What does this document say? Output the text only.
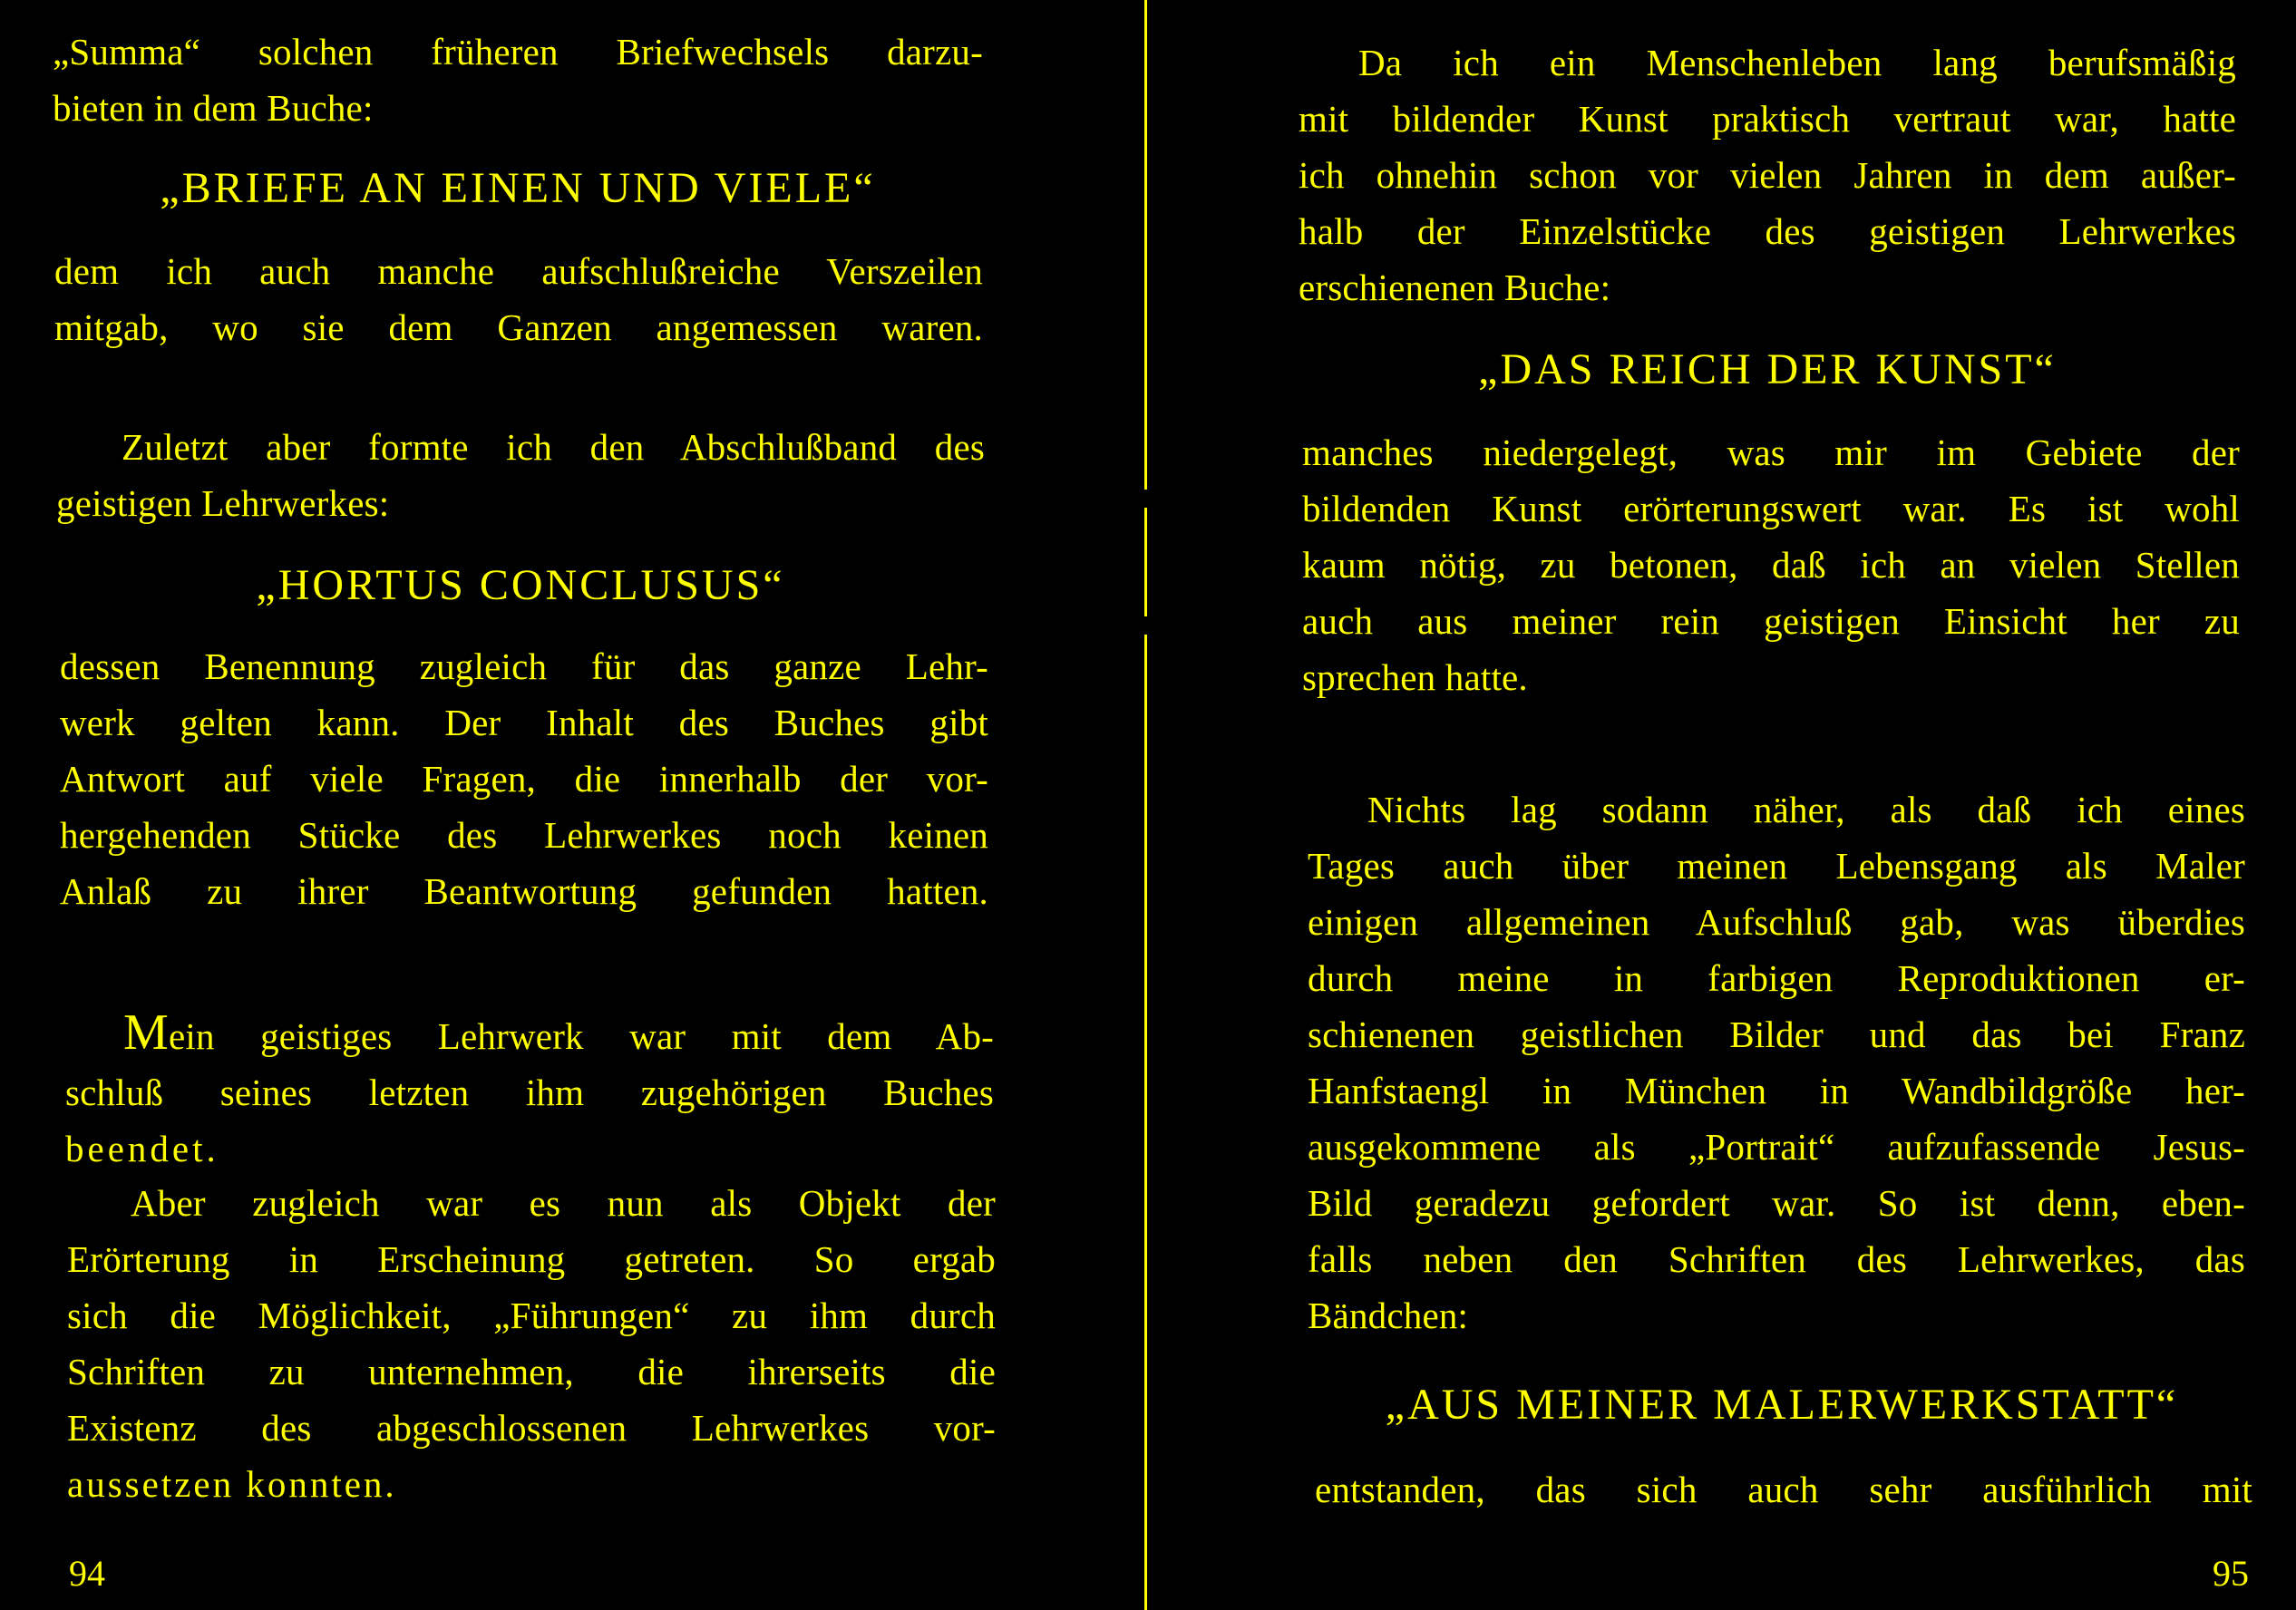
„Summa“ solchen früheren Briefwechsels darzu-
bieten in dem Buche:
„BRIEFE AN EINEN UND VIELE“
dem ich auch manche aufschlußreiche Verszeilen
mitgab, wo sie dem Ganzen angemessen waren.
Zuletzt aber formte ich den Abschlußband des
geistigen Lehrwerkes:
„HORTUS CONCLUSUS“
dessen Benennung zugleich für das ganze Lehr-
werk gelten kann. Der Inhalt des Buches gibt
Antwort auf viele Fragen, die innerhalb der vor-
hergehenden Stücke des Lehrwerkes noch keinen
Anlaß zu ihrer Beantwortung gefunden hatten.
Mein geistiges Lehrwerk war mit dem Ab-
schluß seines letzten ihm zugehörigen Buches
beendet.
Aber zugleich war es nun als Objekt der
Erörterung in Erscheinung getreten. So ergab
sich die Möglichkeit, „Führungen“ zu ihm durch
Schriften zu unternehmen, die ihrerseits die
Existenz des abgeschlossenen Lehrwerkes vor-
aussetzen konnten.
94
Da ich ein Menschenleben lang berufsmäßig
mit bildender Kunst praktisch vertraut war, hatte
ich ohnehin schon vor vielen Jahren in dem außer-
halb der Einzelstücke des geistigen Lehrwerkes
erschienenen Buche:
„DAS REICH DER KUNST“
manches niedergelegt, was mir im Gebiete der
bildenden Kunst erörterungswert war. Es ist wohl
kaum nötig, zu betonen, daß ich an vielen Stellen
auch aus meiner rein geistigen Einsicht her zu
sprechen hatte.
Nichts lag sodann näher, als daß ich eines
Tages auch über meinen Lebensgang als Maler
einigen allgemeinen Aufschluß gab, was überdies
durch meine in farbigen Reproduktionen er-
schienenen geistlichen Bilder und das bei Franz
Hanfstaengl in München in Wandbildgröße her-
ausgekommene als „Portrait“ aufzufassende Jesus-
Bild geradezu gefordert war. So ist denn, eben-
falls neben den Schriften des Lehrwerkes, das
Bändchen:
„AUS MEINER MALERWERKSTATT“
entstanden, das sich auch sehr ausführlich mit
95
